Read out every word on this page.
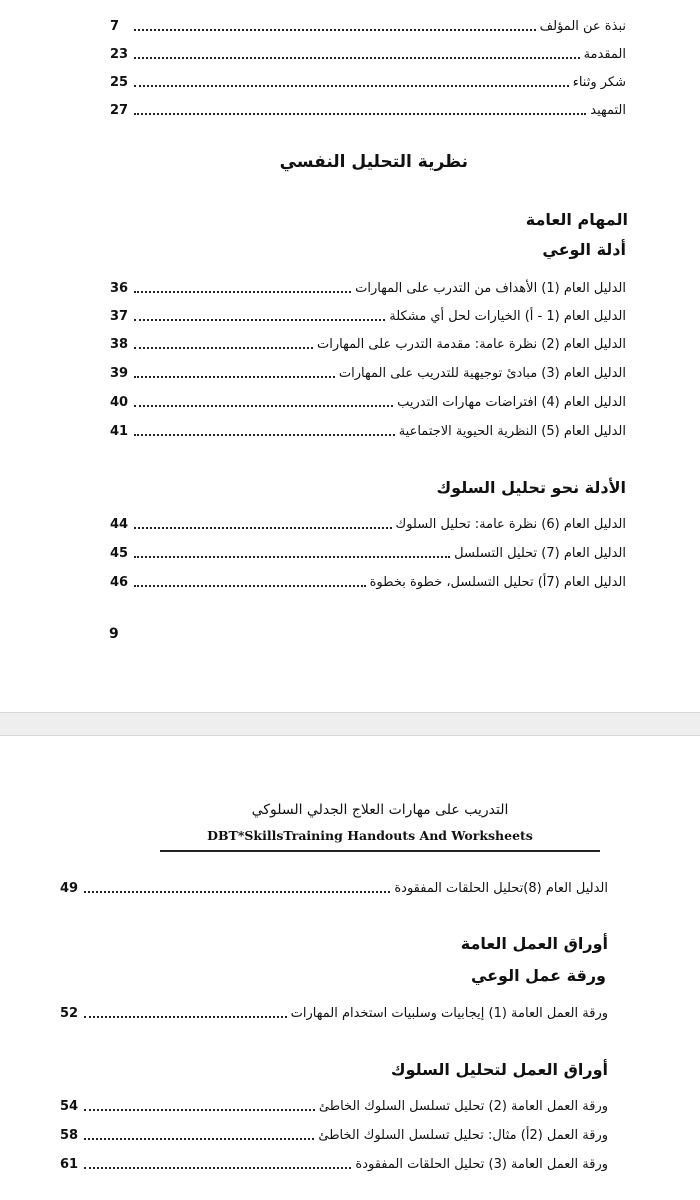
7	نبذة عن المؤلف
23	المقدمة
25	شكر وثناء
27	التمهيد
نظرية التحليل النفسي
المهام العامة
أدلة الوعي
36	الدليل العام (1) الأهداف من التدرب على المهارات
37	الدليل العام (1 - أ) الخيارات لحل أي مشكلة
38	الدليل العام (2) نظرة عامة: مقدمة التدرب على المهارات
39	الدليل العام (3) مبادئ توجيهية للتدريب على المهارات
40	الدليل العام (4) افتراضات مهارات التدريب
41	الدليل العام (5) النظرية الحيوية الاجتماعية
الأدلة نحو تحليل السلوك
44	الدليل العام (6) نظرة عامة: تحليل السلوك
45	الدليل العام (7) تحليل التسلسل
46	الدليل العام (7أ) تحليل التسلسل، خطوة بخطوة
9
التدريب على مهارات العلاج الجدلي السلوكي
DBT*SkillsTraining Handouts And Worksheets
49	الدليل العام (8)تحليل الحلقات المفقودة
أوراق العمل العامة
ورقة عمل الوعي
52	ورقة العمل العامة (1) إيجابيات وسلبيات استخدام المهارات
أوراق العمل لتحليل السلوك
54	ورقة العمل العامة (2) تحليل تسلسل السلوك الخاطئ
58	ورقة العمل (2أ) مثال: تحليل تسلسل السلوك الخاطئ
61	ورقة العمل العامة (3) تحليل الحلقات المفقودة
